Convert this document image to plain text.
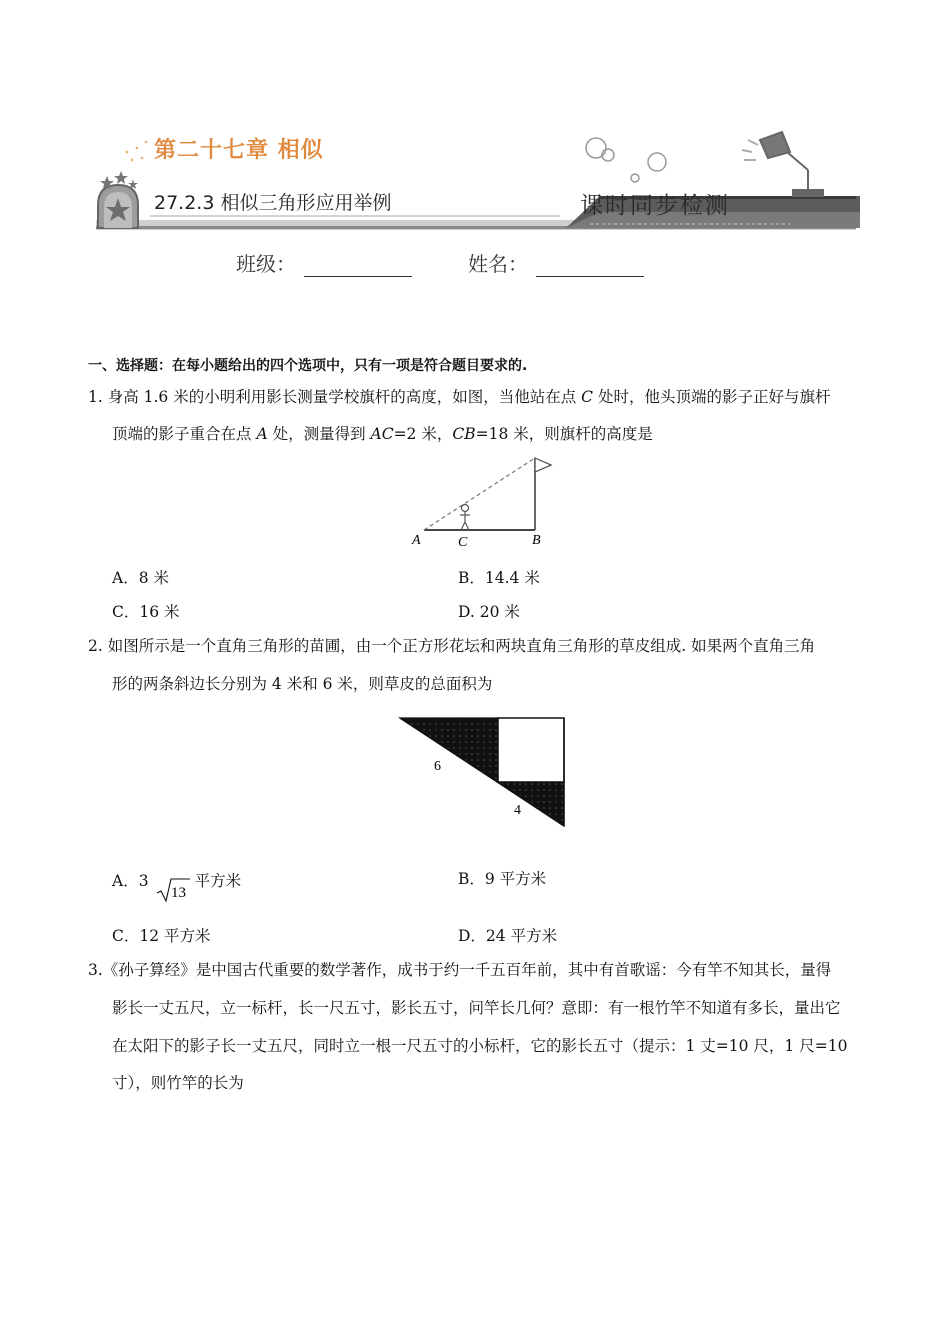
第二十七章 相似
27.2.3 相似三角形应用举例	课时同步检测
班级：	姓名：
一、选择题：在每小题给出的四个选项中，只有一项是符合题目要求的.
1. 身高 1.6 米的小明利用影长测量学校旗杆的高度，如图，当他站在点 C 处时，他头顶端的影子正好与旗杆
顶端的影子重合在点 A 处，测量得到 AC=2 米，CB=18 米，则旗杆的高度是
A	C	B
A．8 米	B．14.4 米
C．16 米	D. 20 米
2. 如图所示是一个直角三角形的苗圃，由一个正方形花坛和两块直角三角形的草皮组成. 如果两个直角三角
形的两条斜边长分别为 4 米和 6 米，则草皮的总面积为
6
4
A．3
13
平方米	B．9 平方米
C．12 平方米	D．24 平方米
3.《孙子算经》是中国古代重要的数学著作，成书于约一千五百年前，其中有首歌谣：今有竿不知其长，量得
影长一丈五尺，立一标杆，长一尺五寸，影长五寸，问竿长几何？意即：有一根竹竿不知道有多长，量出它
在太阳下的影子长一丈五尺，同时立一根一尺五寸的小标杆，它的影长五寸（提示：1 丈=10 尺，1 尺=10
寸），则竹竿的长为
